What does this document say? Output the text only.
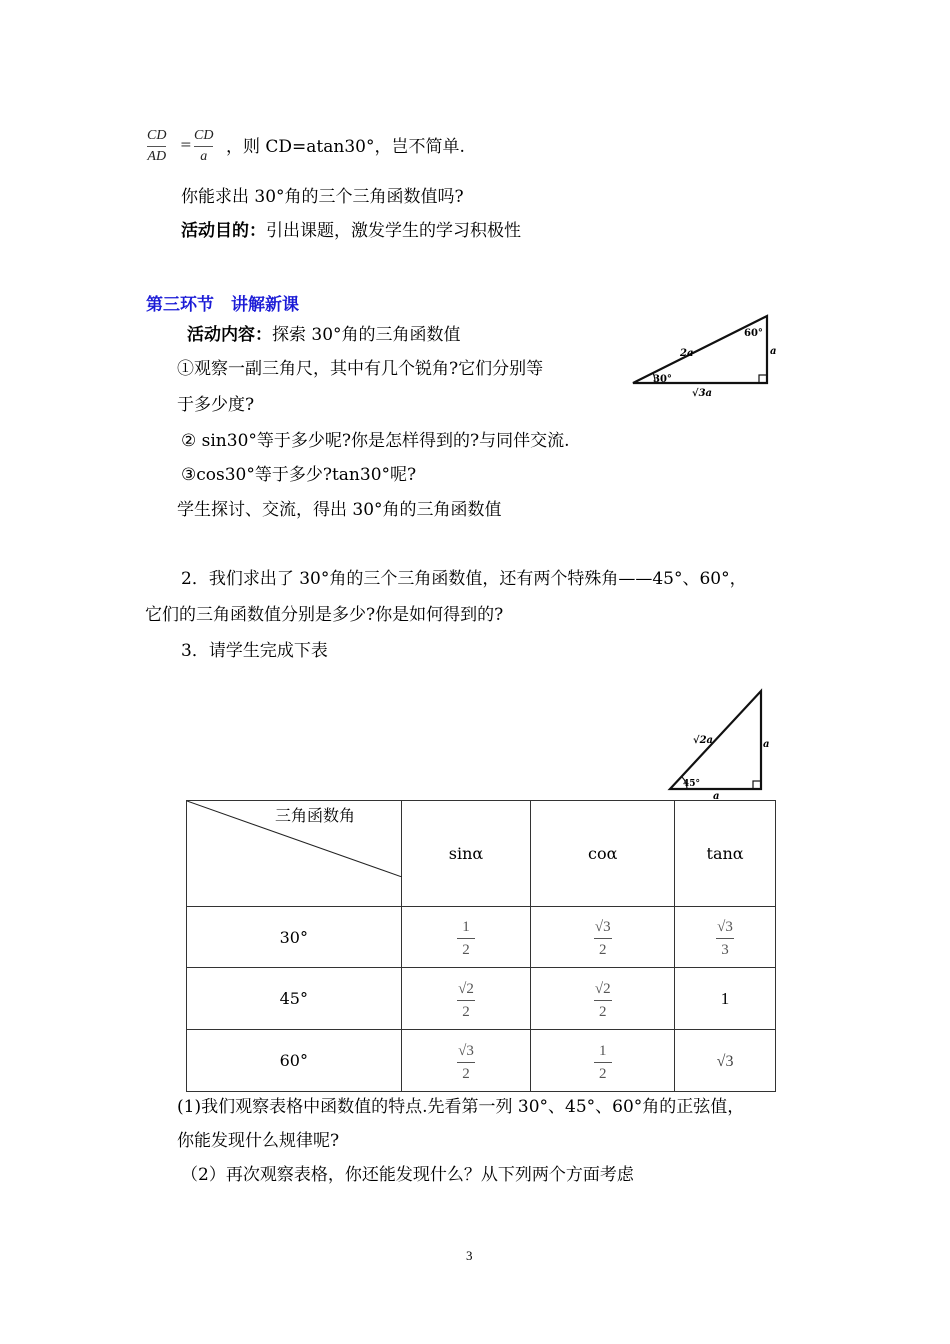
CD
AD
=
CD
a ，则 CD=atan30°，岂不简单.
你能求出 30°角的三个三角函数值吗?
活动目的：引出课题，激发学生的学习积极性
第三环节　讲解新课
活动内容：探索 30°角的三角函数值
①观察一副三角尺，其中有几个锐角?它们分别等
于多少度?
② sin30°等于多少呢?你是怎样得到的?与同伴交流.
③cos30°等于多少?tan30°呢?
学生探讨、交流，得出 30°角的三角函数值
30°
60°
2a	a
√3a
2．我们求出了 30°角的三个三角函数值，还有两个特殊角——45°、60°，
它们的三角函数值分别是多少?你是如何得到的?
3．请学生完成下表
45°
√2a	a
a
三角函数角	sinα	coα	tanα
30°	$\frac{1}{2}$	$\frac{√3}{2}$	$\frac{√3}{3}$

45°	$\frac{√2}{2}$	$\frac{√2}{2}$	1
60°	$\frac{√3}{2}$	$\frac{1}{2}$	√3
(1)我们观察表格中函数值的特点.先看第一列 30°、45°、60°角的正弦值，
你能发现什么规律呢?
（2）再次观察表格，你还能发现什么？从下列两个方面考虑
3
